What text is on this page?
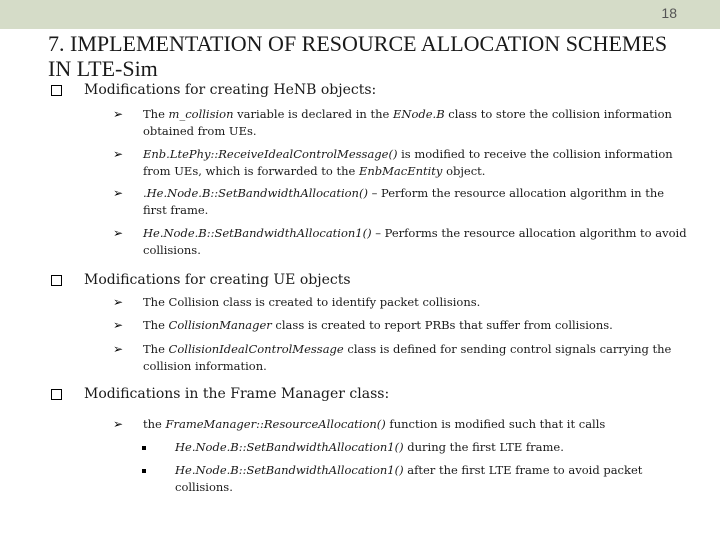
18
7. IMPLEMENTATION OF RESOURCE ALLOCATION SCHEMES IN LTE-Sim
Modifications for creating HeNB objects:
➢ The m_collision variable is declared in the ENode.B class to store the collision information obtained from UEs.
➢ Enb.LtePhy::ReceiveIdealControlMessage() is modified to receive the collision information from UEs, which is forwarded to the EnbMacEntity object.
➢ .He.Node.B::SetBandwidthAllocation() – Perform the resource allocation algorithm in the first frame.
➢ He.Node.B::SetBandwidthAllocation1() – Performs the resource allocation algorithm to avoid collisions.
Modifications for creating UE objects
➢ The Collision class is created to identify packet collisions.
➢ The CollisionManager class is created to report PRBs that suffer from collisions.
➢ The CollisionIdealControlMessage class is defined for sending control signals carrying the collision information.
Modifications in the Frame Manager class:
➢ the FrameManager::ResourceAllocation() function is modified such that it calls
He.Node.B::SetBandwidthAllocation1() during the first LTE frame.
He.Node.B::SetBandwidthAllocation1() after the first LTE frame to avoid packet collisions.
